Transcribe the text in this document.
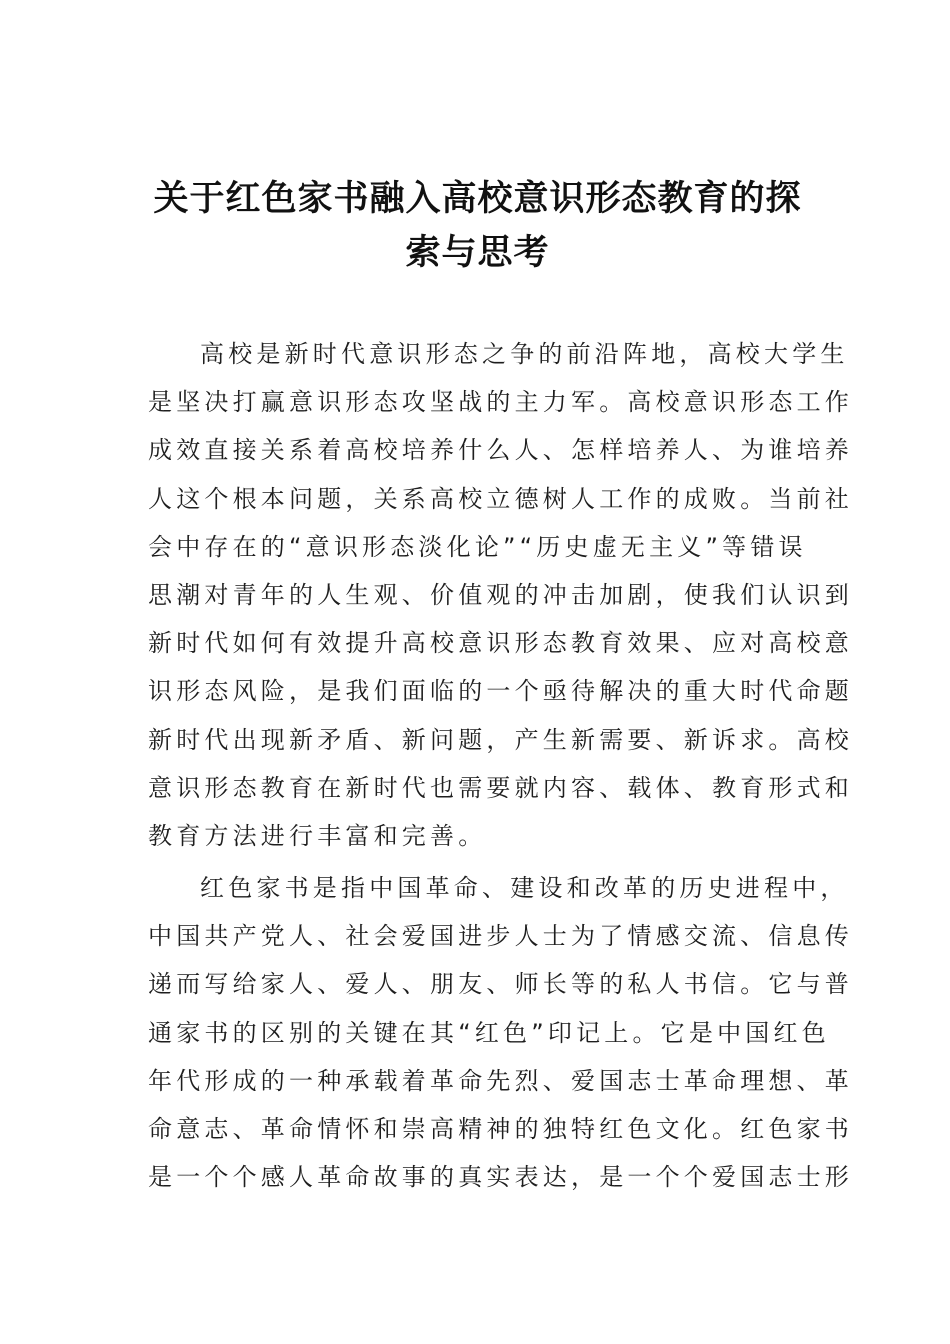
关于红色家书融入高校意识形态教育的探
索与思考
高校是新时代意识形态之争的前沿阵地，高校大学生
是坚决打赢意识形态攻坚战的主力军。高校意识形态工作
成效直接关系着高校培养什么人、怎样培养人、为谁培养
人这个根本问题，关系高校立德树人工作的成败。当前社
会中存在的“意识形态淡化论”“历史虚无主义”等错误
思潮对青年的人生观、价值观的冲击加剧，使我们认识到
新时代如何有效提升高校意识形态教育效果、应对高校意
识形态风险，是我们面临的一个亟待解决的重大时代命题
新时代出现新矛盾、新问题，产生新需要、新诉求。高校
意识形态教育在新时代也需要就内容、载体、教育形式和
教育方法进行丰富和完善。
红色家书是指中国革命、建设和改革的历史进程中，
中国共产党人、社会爱国进步人士为了情感交流、信息传
递而写给家人、爱人、朋友、师长等的私人书信。它与普
通家书的区别的关键在其“红色”印记上。它是中国红色
年代形成的一种承载着革命先烈、爱国志士革命理想、革
命意志、革命情怀和崇高精神的独特红色文化。红色家书
是一个个感人革命故事的真实表达，是一个个爱国志士形
